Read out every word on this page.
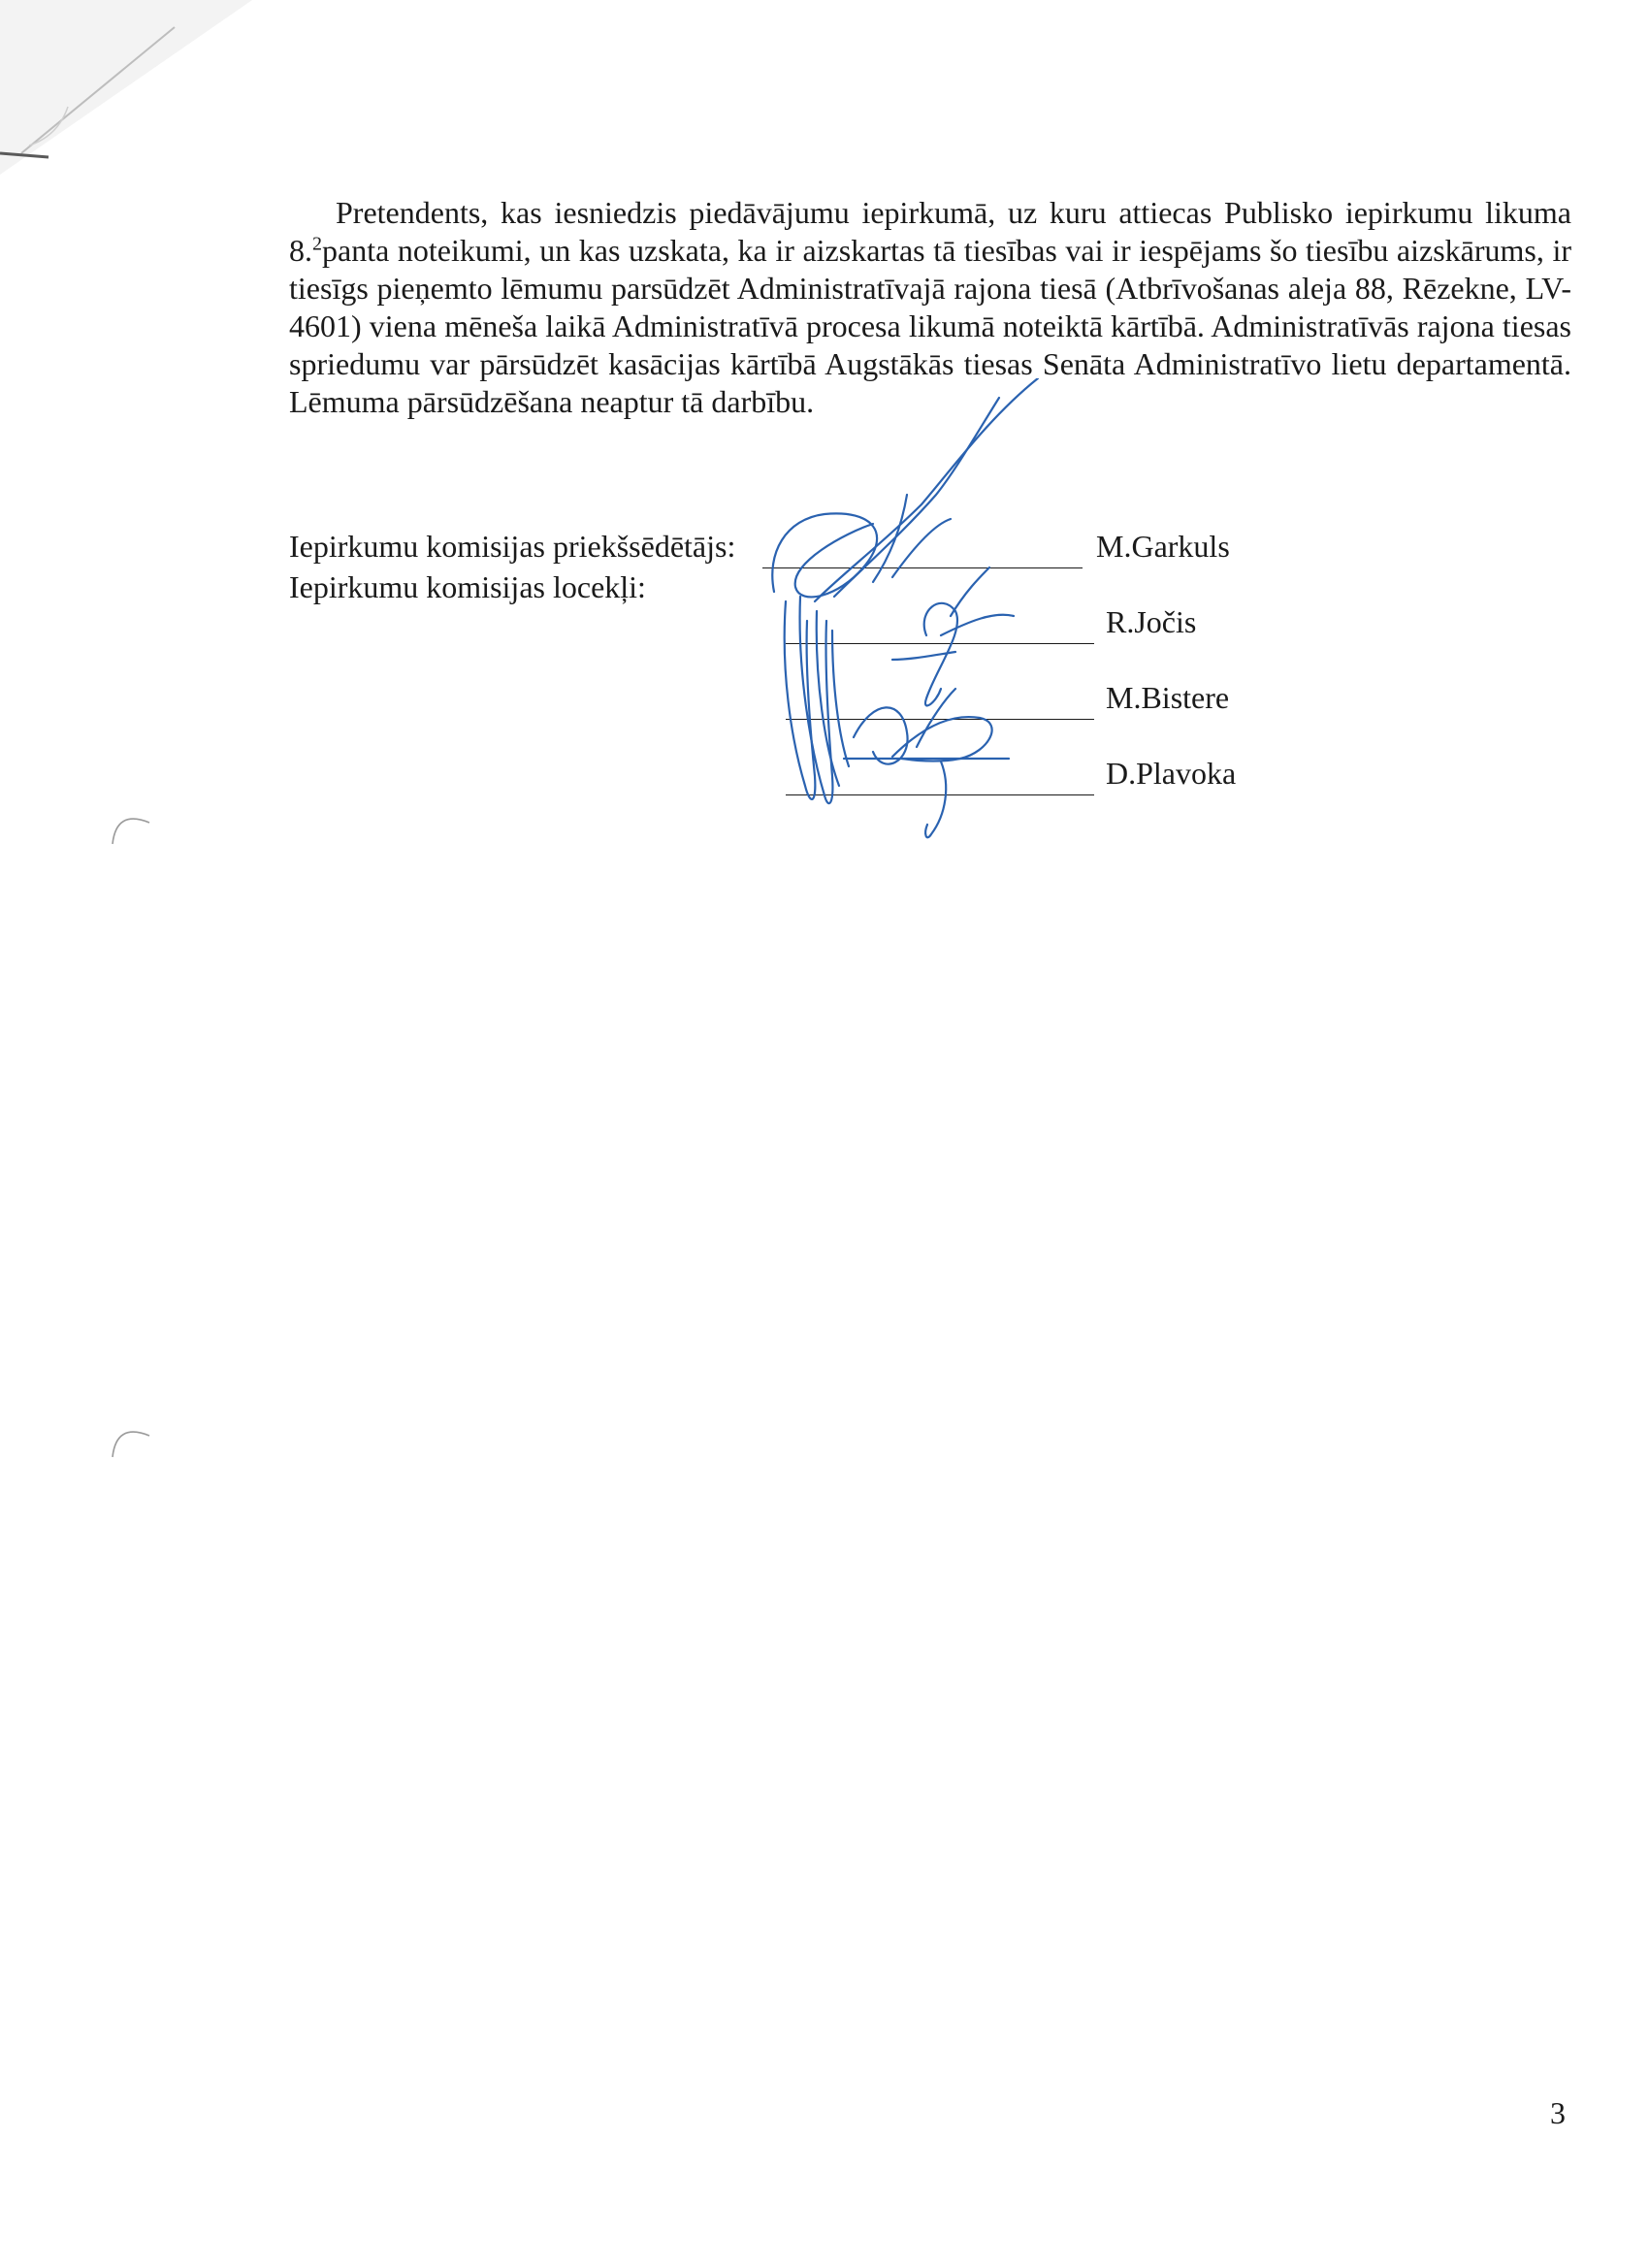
Pretendents, kas iesniedzis piedāvājumu iepirkumā, uz kuru attiecas Publisko iepirkumu likuma 8.$^2$panta noteikumi, un kas uzskata, ka ir aizskartas tā tiesības vai ir iespējams šo tiesību aizskārums, ir tiesīgs pieņemto lēmumu parsūdzēt Administratīvajā rajona tiesā (Atbrīvošanas aleja 88, Rēzekne, LV-4601) viena mēneša laikā Administratīvā procesa likumā noteiktā kārtībā. Administratīvās rajona tiesas spriedumu var pārsūdzēt kasācijas kārtībā Augstākās tiesas Senāta Administratīvo lietu departamentā. Lēmuma pārsūdzēšana neaptur tā darbību.

Iepirkumu komisijas priekšsēdētājs:

Iepirkumu komisijas locekļi:

M.Garkuls

R.Jočis

M.Bistere

D.Plavoka

3
